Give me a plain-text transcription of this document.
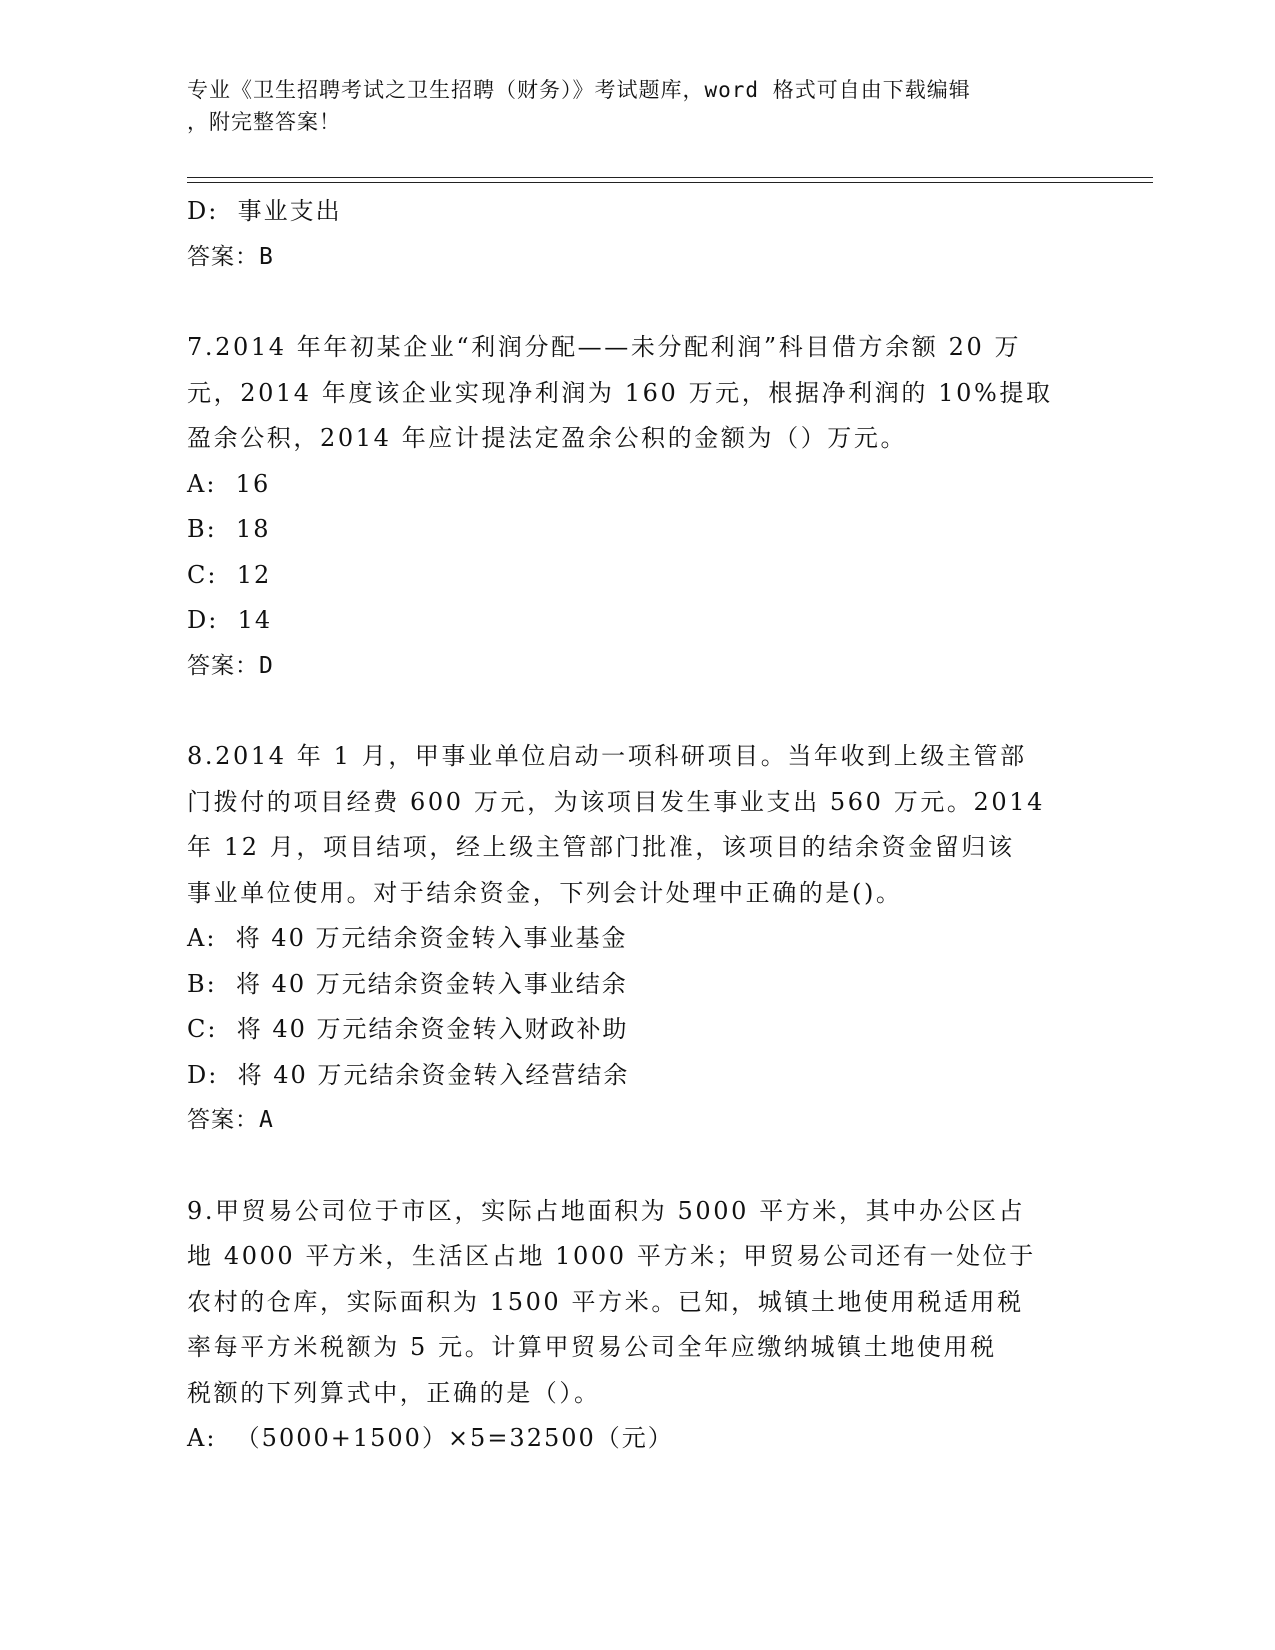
专业《卫生招聘考试之卫生招聘（财务）》考试题库，word 格式可自由下载编辑
，附完整答案！

D:  事业支出

答案：B

7.2014 年年初某企业“利润分配——未分配利润”科目借方余额 20 万

元，2014 年度该企业实现净利润为 160 万元，根据净利润的 10%提取

盈余公积，2014 年应计提法定盈余公积的金额为（）万元。

A:  16

B:  18

C:  12

D:  14

答案：D

8.2014 年 1 月，甲事业单位启动一项科研项目。当年收到上级主管部

门拨付的项目经费 600 万元，为该项目发生事业支出 560 万元。2014

年 12 月，项目结项，经上级主管部门批准，该项目的结余资金留归该

事业单位使用。对于结余资金，下列会计处理中正确的是()。

A:  将 40 万元结余资金转入事业基金

B:  将 40 万元结余资金转入事业结余

C:  将 40 万元结余资金转入财政补助

D:  将 40 万元结余资金转入经营结余

答案：A

9.甲贸易公司位于市区，实际占地面积为 5000 平方米，其中办公区占

地 4000 平方米，生活区占地 1000 平方米；甲贸易公司还有一处位于

农村的仓库，实际面积为 1500 平方米。已知，城镇土地使用税适用税

率每平方米税额为 5 元。计算甲贸易公司全年应缴纳城镇土地使用税

税额的下列算式中，正确的是（）。

A:  （5000+1500）×5=32500（元）
